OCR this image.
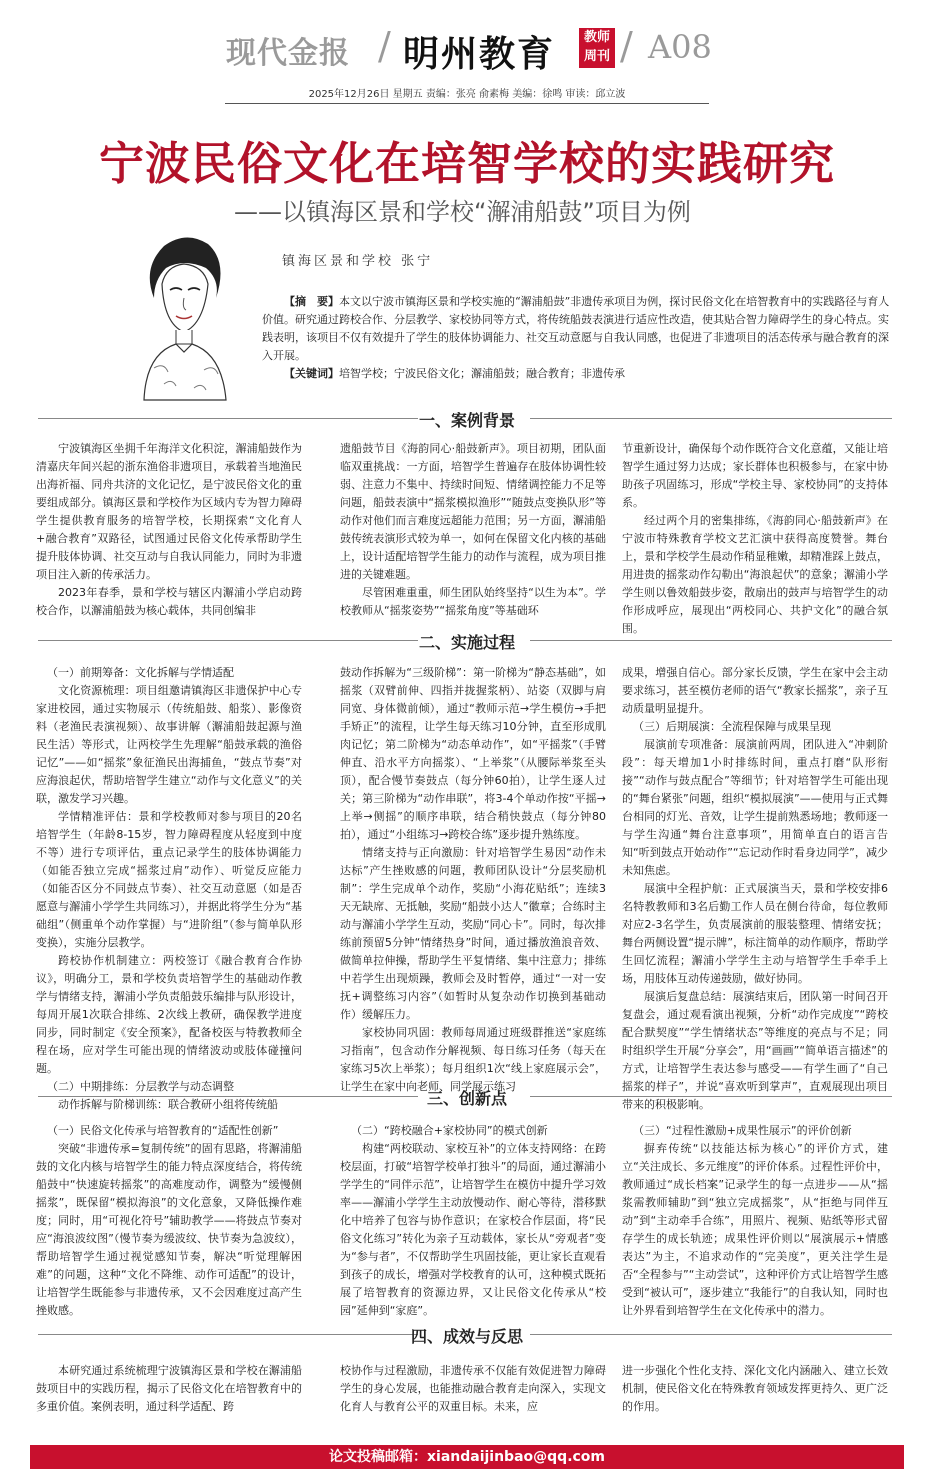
现代金报 / 明州教育	教师
周刊 / A08
2025年12月26日 星期五 责编：张亮 俞素梅 美编：徐鸣 审读：邱立波
宁波民俗文化在培智学校的实践研究
——以镇海区景和学校“澥浦船鼓”项目为例
镇海区景和学校 张宁

【摘　要】本文以宁波市镇海区景和学校实施的“澥浦船鼓”非遗传承项目为例，探讨民俗文化在培智教育中的实践路径与育人价值。研究通过跨校合作、分层教学、家校协同等方式，将传统船鼓表演进行适应性改造，使其贴合智力障碍学生的身心特点。实践表明，该项目不仅有效提升了学生的肢体协调能力、社交互动意愿与自我认同感，也促进了非遗项目的活态传承与融合教育的深入开展。

【关键词】培智学校；宁波民俗文化；澥浦船鼓；融合教育；非遗传承

一、案例背景

宁波镇海区坐拥千年海洋文化积淀，澥浦船鼓作为清嘉庆年间兴起的浙东渔俗非遗项目，承载着当地渔民出海祈福、同舟共济的文化记忆，是宁波民俗文化的重要组成部分。镇海区景和学校作为区域内专为智力障碍学生提供教育服务的培智学校，长期探索“文化育人+融合教育”双路径，试图通过民俗文化传承帮助学生提升肢体协调、社交互动与自我认同能力，同时为非遗项目注入新的传承活力。

2023年春季，景和学校与辖区内澥浦小学启动跨校合作，以澥浦船鼓为核心载体，共同创编非

遗船鼓节目《海韵同心·船鼓新声》。项目初期，团队面临双重挑战：一方面，培智学生普遍存在肢体协调性较弱、注意力不集中、持续时间短、情绪调控能力不足等问题，船鼓表演中“摇浆模拟渔形”“随鼓点变换队形”等动作对他们而言难度远超能力范围；另一方面，澥浦船鼓传统表演形式较为单一，如何在保留文化内核的基础上，设计适配培智学生能力的动作与流程，成为项目推进的关键难题。

尽管困难重重，师生团队始终坚持“以生为本”。学校教师从“摇浆姿势”“摇浆角度”等基础环

节重新设计，确保每个动作既符合文化意蕴，又能让培智学生通过努力达成；家长群体也积极参与，在家中协助孩子巩固练习，形成“学校主导、家校协同”的支持体系。

经过两个月的密集排练，《海韵同心·船鼓新声》在宁波市特殊教育学校文艺汇演中获得高度赞誉。舞台上，景和学校学生晨动作稍显稚嫩，却精准踩上鼓点，用进贵的摇浆动作勾勒出“海浪起伏”的意象；澥浦小学学生则以鲁效船鼓步姿，散扇出的鼓声与培智学生的动作形成呼应，展现出“两校同心、共护文化”的融合氛围。

二、实施过程

（一）前期筹备：文化拆解与学情适配

文化资源梳理：项目组邀请镇海区非遗保护中心专家进校园，通过实物展示（传统船鼓、船浆）、影像资料（老渔民表演视频）、故事讲解（澥浦船鼓起源与渔民生活）等形式，让两校学生先理解“船鼓承载的渔俗记忆”——如“摇浆”象征渔民出海捕鱼，“鼓点节奏”对应海浪起伏，帮助培智学生建立“动作与文化意义”的关联，激发学习兴趣。

学情精准评估：景和学校教师对参与项目的20名培智学生（年龄8-15岁，智力障碍程度从轻度到中度不等）进行专项评估，重点记录学生的肢体协调能力（如能否独立完成“摇浆过肩”动作）、听觉反应能力（如能否区分不同鼓点节奏）、社交互动意愿（如是否愿意与澥浦小学学生共同练习），并据此将学生分为“基础组”（侧重单个动作掌握）与“进阶组”（参与简单队形变换），实施分层教学。

跨校协作机制建立：两校签订《融合教育合作协议》，明确分工，景和学校负责培智学生的基础动作教学与情绪支持，澥浦小学负责船鼓乐编排与队形设计，每周开展1次联合排练、2次线上教研，确保教学进度同步，同时制定《安全预案》，配备校医与特教教师全程在场，应对学生可能出现的情绪波动或肢体碰撞问题。

（二）中期排练：分层教学与动态调整

动作拆解与阶梯训练：联合教研小组将传统船

鼓动作拆解为“三级阶梯”：第一阶梯为“静态基础”，如摇浆（双臂前伸、四指并拢握浆柄）、站姿（双脚与肩同宽、身体微前倾），通过“教师示范→学生模仿→手把手矫正”的流程，让学生每天练习10分钟，直至形成肌肉记忆；第二阶梯为“动态单动作”，如“平摇浆”（手臂伸直、沿水平方向摇浆）、“上举浆”（从腰际举浆至头顶），配合慢节奏鼓点（每分钟60拍），让学生逐人过关；第三阶梯为“动作串联”，将3-4个单动作按“平摇→上举→侧摇”的顺序串联，结合稍快鼓点（每分钟80拍），通过“小组练习→跨校合练”逐步提升熟练度。

情绪支持与正向激励：针对培智学生易因“动作未达标”产生挫败感的问题，教师团队设计“分层奖励机制”：学生完成单个动作，奖励“小海花贴纸”；连续3天无缺席、无抵触，奖励“船鼓小达人”徽章；合练时主动与澥浦小学学生互动，奖励“同心卡”。同时，每次排练前预留5分钟“情绪热身”时间，通过播放渔浪音效、做简单拉伸操，帮助学生平复情绪、集中注意力；排练中若学生出现烦躁，教师会及时暂停，通过“一对一安抚+调整练习内容”（如暂时从复杂动作切换到基础动作）缓解压力。

家校协同巩固：教师每周通过班级群推送“家庭练习指南”，包含动作分解视频、每日练习任务（每天在家练习5次上举浆）；每月组织1次“线上家庭展示会”，让学生在家中向老师、同学展示练习

成果，增强自信心。部分家长反馈，学生在家中会主动要求练习，甚至模仿老师的语气“教家长摇浆”，亲子互动质量明显提升。

（三）后期展演：全流程保障与成果呈现

展演前专项准备：展演前两周，团队进入“冲刺阶段”：每天增加1小时排练时间，重点打磨“队形衔接”“动作与鼓点配合”等细节；针对培智学生可能出现的“舞台紧张”问题，组织“模拟展演”——使用与正式舞台相同的灯光、音效，让学生提前熟悉场地；教师逐一与学生沟通“舞台注意事项”，用简单直白的语言告知“听到鼓点开始动作”“忘记动作时看身边同学”，减少未知焦虑。

展演中全程护航：正式展演当天，景和学校安排6名特教教师和3名后勤工作人员在侧台待命，每位教师对应2-3名学生，负责展演前的服装整理、情绪安抚；舞台两侧设置“提示牌”，标注简单的动作顺序，帮助学生回忆流程；澥浦小学学生主动与培智学生手牵手上场，用肢体互动传递鼓励，做好协同。

展演后复盘总结：展演结束后，团队第一时间召开复盘会，通过观看演出视频，分析“动作完成度”“跨校配合默契度”“学生情绪状态”等维度的亮点与不足；同时组织学生开展“分享会”，用“画画”“简单语言描述”的方式，让培智学生表达参与感受——有学生画了“自己摇浆的样子”，并说“喜欢听到掌声”，直观展现出项目带来的积极影响。

三、创新点

（一）民俗文化传承与培智教育的“适配性创新”

突破“非遗传承=复制传统”的固有思路，将澥浦船鼓的文化内核与培智学生的能力特点深度结合，将传统船鼓中“快速旋转摇浆”的高难度动作，调整为“缓慢侧摇浆”，既保留“模拟海浪”的文化意象，又降低操作难度；同时，用“可视化符号”辅助教学——将鼓点节奏对应“海浪波纹图”（慢节奏为缓波纹、快节奏为急波纹），帮助培智学生通过视觉感知节奏，解决“听觉理解困难”的问题，这种“文化不降维、动作可适配”的设计，让培智学生既能参与非遗传承，又不会因难度过高产生挫败感。

（二）“跨校融合+家校协同”的模式创新

构建“两校联动、家校互补”的立体支持网络：在跨校层面，打破“培智学校单打独斗”的局面，通过澥浦小学学生的“同伴示范”，让培智学生在模仿中提升学习效率——澥浦小学学生主动放慢动作、耐心等待，潜移默化中培养了包容与协作意识；在家校合作层面，将“民俗文化练习”转化为亲子互动载体，家长从“旁观者”变为“参与者”，不仅帮助学生巩固技能，更让家长直观看到孩子的成长，增强对学校教育的认可，这种模式既拓展了培智教育的资源边界，又让民俗文化传承从“校园”延伸到“家庭”。

（三）“过程性激励+成果性展示”的评价创新

摒弃传统“以技能达标为核心”的评价方式，建立“关注成长、多元维度”的评价体系。过程性评价中，教师通过“成长档案”记录学生的每一点进步——从“摇浆需教师辅助”到“独立完成摇浆”，从“拒绝与同伴互动”到“主动牵手合练”，用照片、视频、贴纸等形式留存学生的成长轨迹；成果性评价则以“展演展示+情感表达”为主，不追求动作的“完美度”，更关注学生是否“全程参与”“主动尝试”，这种评价方式让培智学生感受到“被认可”，逐步建立“我能行”的自我认知，同时也让外界看到培智学生在文化传承中的潜力。

四、成效与反思

本研究通过系统梳理宁波镇海区景和学校在澥浦船鼓项目中的实践历程，揭示了民俗文化在培智教育中的多重价值。案例表明，通过科学适配、跨

校协作与过程激励，非遗传承不仅能有效促进智力障碍学生的身心发展，也能推动融合教育走向深入，实现文化育人与教育公平的双重目标。未来，应

进一步强化个性化支持、深化文化内涵融入、建立长效机制，使民俗文化在特殊教育领域发挥更持久、更广泛的作用。

论文投稿邮箱：xiandaijinbao@qq.com
